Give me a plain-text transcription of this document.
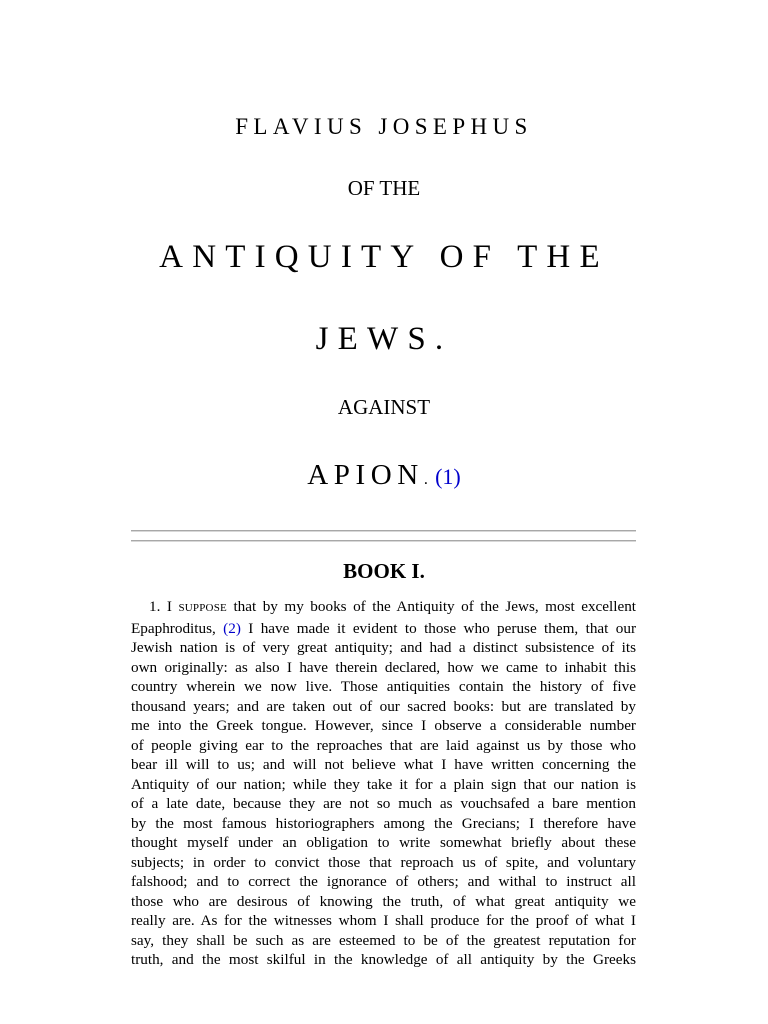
FLAVIUS JOSEPHUS
OF THE
ANTIQUITY OF THE
JEWS.
AGAINST
APION. (1)
BOOK I.

1. I SUPPOSE that by my books of the Antiquity of the Jews, most excellent
Epaphroditus, (2) I have made it evident to those who peruse them, that our
Jewish nation is of very great antiquity; and had a distinct subsistence of its
own originally: as also I have therein declared, how we came to inhabit this
country wherein we now live. Those antiquities contain the history of five
thousand years; and are taken out of our sacred books: but are translated by
me into the Greek tongue. However, since I observe a considerable number
of people giving ear to the reproaches that are laid against us by those who
bear ill will to us; and will not believe what I have written concerning the
Antiquity of our nation; while they take it for a plain sign that our nation is
of a late date, because they are not so much as vouchsafed a bare mention
by the most famous historiographers among the Grecians; I therefore have
thought myself under an obligation to write somewhat briefly about these
subjects; in order to convict those that reproach us of spite, and voluntary
falshood; and to correct the ignorance of others; and withal to instruct all
those who are desirous of knowing the truth, of what great antiquity we
really are. As for the witnesses whom I shall produce for the proof of what I
say, they shall be such as are esteemed to be of the greatest reputation for
truth, and the most skilful in the knowledge of all antiquity by the Greeks
